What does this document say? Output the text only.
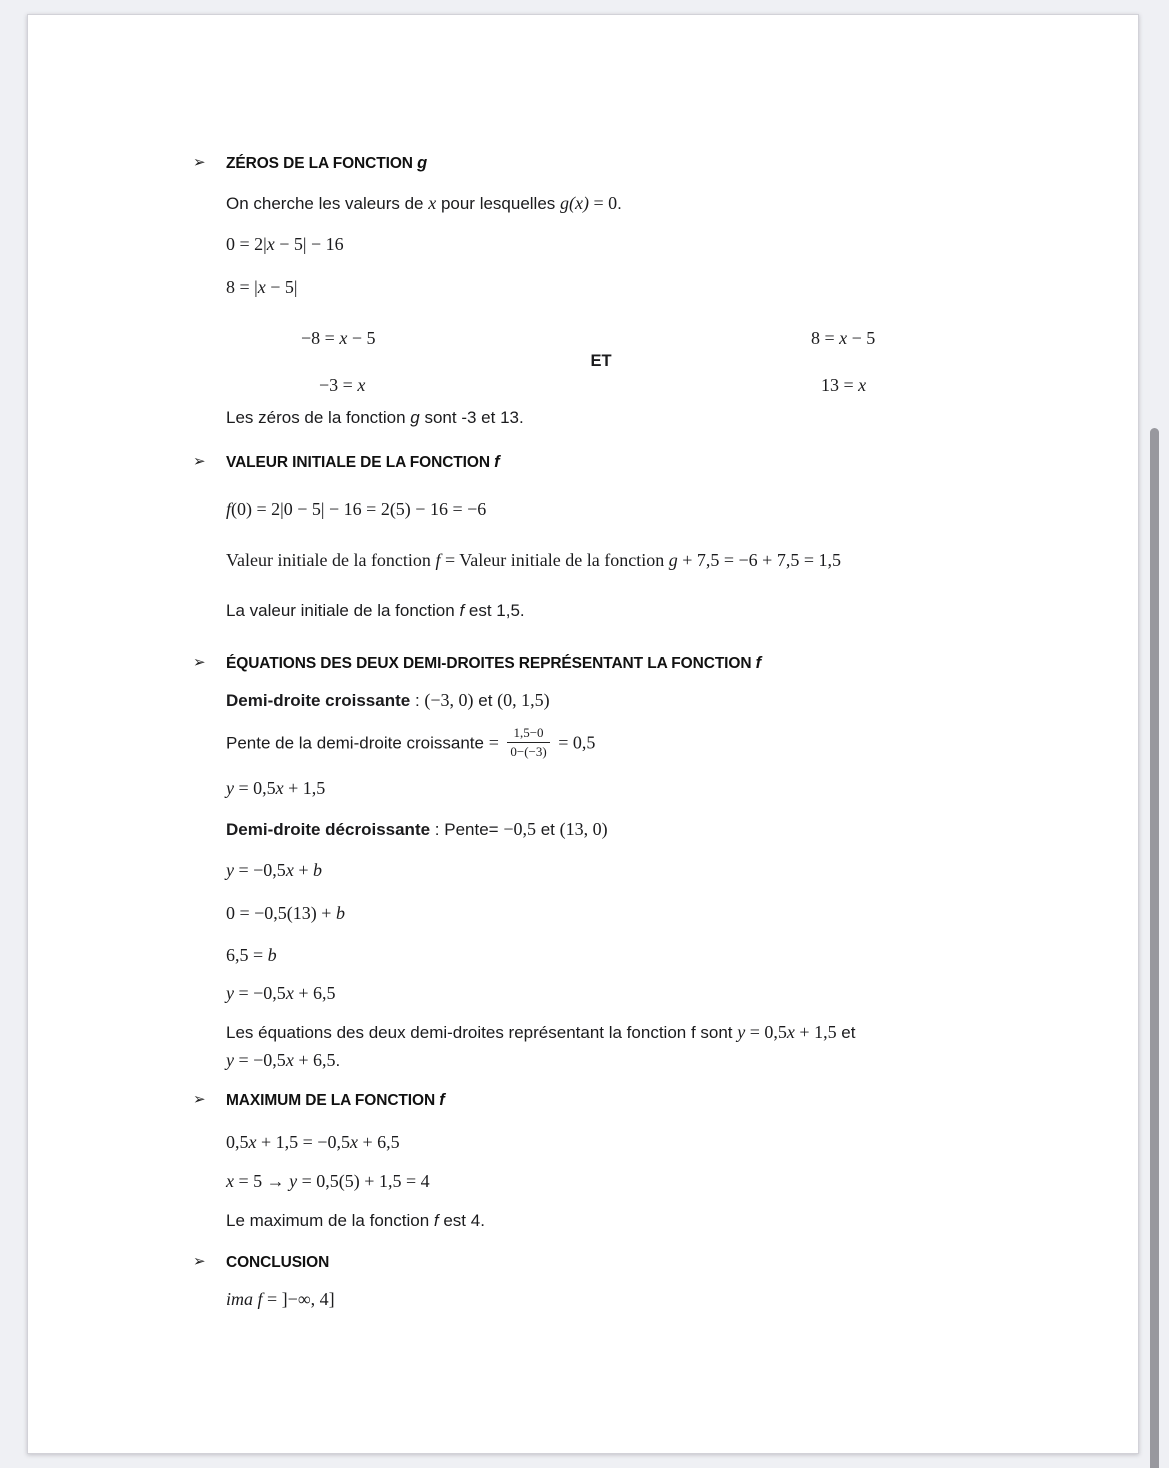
➢ ZÉROS DE LA FONCTION g
On cherche les valeurs de x pour lesquelles g(x) = 0.
0 = 2|x − 5| − 16
8 = |x − 5|
−8 = x − 5	8 = x − 5
ET
−3 = x	13 = x
Les zéros de la fonction g sont -3 et 13.
➢ VALEUR INITIALE DE LA FONCTION f
f(0) = 2|0 − 5| − 16 = 2(5) − 16 = −6
Valeur initiale de la fonction f = Valeur initiale de la fonction g + 7,5 = −6 + 7,5 = 1,5
La valeur initiale de la fonction f est 1,5.
➢ ÉQUATIONS DES DEUX DEMI-DROITES REPRÉSENTANT LA FONCTION f
Demi-droite croissante : (−3, 0) et (0, 1,5)
Pente de la demi-droite croissante = $\frac{1,5-0}{0-(-3)} = 0,5$
y = 0,5x + 1,5
Demi-droite décroissante : Pente= −0,5 et (13, 0)
y = −0,5x + b
0 = −0,5(13) + b
6,5 = b
y = −0,5x + 6,5
Les équations des deux demi-droites représentant la fonction f sont y = 0,5x + 1,5 et
y = −0,5x + 6,5.
➢ MAXIMUM DE LA FONCTION f
0,5x + 1,5 = −0,5x + 6,5
x = 5 → y = 0,5(5) + 1,5 = 4
Le maximum de la fonction f est 4.
➢ CONCLUSION
ima f = ]−∞, 4]
